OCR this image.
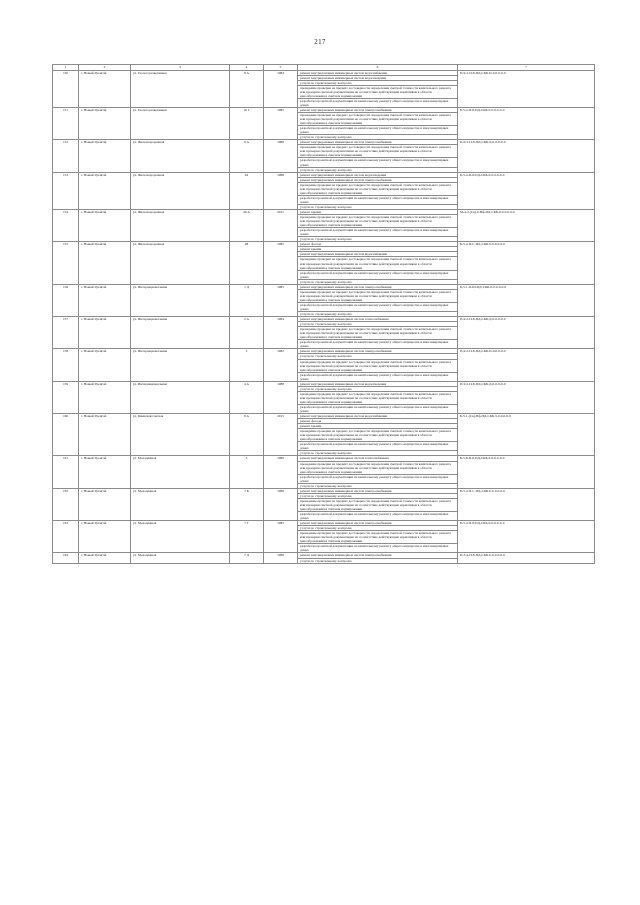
217
1	2	3	4	5	6	7
150	г. Новый Уренгой	ул. Геологоразведчиков	8 А	1984	ремонт внутридомовых инженерных систем водоснабжения	П-9-2-П-8-ПД-СКБ-П-0-0-0-0-0
					ремонт внутридомовых инженерных систем водоотведения	
					услуги по строительному контролю	
					проведение проверки на предмет достоверности определения сметной стоимости капитального ремонта или проверки сметной документации на соответствие действующим нормативам в области ценообразования в сметном нормировании	
					разработка проектной документации на капитальному ремонту общего имущества в многоквартирных домах	
151	г. Новый Уренгой	ул. Геологоразведчиков	16 Г	1985	ремонт внутридомовых инженерных систем электроснабжения	Б-5-4-П-8-ПД-СКБ-0-0-0-0-0-0
					проведение проверки на предмет достоверности определения сметной стоимости капитального ремонта или проверки сметной документации на соответствие действующим нормативам в области ценообразования в сметном нормировании	
					разработка проектной документации на капитальному ремонту общего имущества в многоквартирных домах	
					услуги по строительному контролю	
152	г. Новый Уренгой	ул. Железнодорожная	6 А	1986	ремонт внутридомовых инженерных систем электроснабжения	П-9-5-П-8-ПД-СКБ-Д-0-0-0-0-0
					проведение проверки на предмет достоверности определения сметной стоимости капитального ремонта или проверки сметной документации на соответствие действующим нормативам в области ценообразования в сметном нормировании	
					разработка проектной документации на капитальному ремонту общего имущества в многоквартирных домах	
					услуги по строительному контролю	
153	г. Новый Уренгой	ул. Железнодорожная	44	1988	ремонт внутридомовых инженерных систем водоотведения	Б-5-4-П-8-ПД-СКБ-0-0-0-0-0-0
					ремонт внутридомовых инженерных систем электроснабжения	
					проведение проверки на предмет достоверности определения сметной стоимости капитального ремонта или проверки сметной документации на соответствие действующим нормативам в области ценообразования в сметном нормировании	
					разработка проектной документации на капитальному ремонту общего имущества в многоквартирных домах	
					услуги по строительному контролю	
154	г. Новый Уренгой	ул. Железнодорожная	46 А	2011	ремонт крыши	М-4-2-(Св)-0-Вф-ПД-СКБ-0-0-0-0-0-0
					проведение проверки на предмет достоверности определения сметной стоимости капитального ремонта или проверки сметной документации на соответствие действующим нормативам в области ценообразования в сметном нормировании	
					разработка проектной документации на капитальному ремонту общего имущества в многоквартирных домах	
					услуги по строительному контролю	
155	г. Новый Уренгой	ул. Железнодорожная	48	1985	ремонт фасада	Б-5-4-П-С-ПД-СКБ-0-0-0-0-0-0
					ремонт крыши	
					ремонт внутридомовых инженерных систем водоснабжения	
					проведение проверки на предмет достоверности определения сметной стоимости капитального ремонта или проверки сметной документации на соответствие действующим нормативам в области ценообразования в сметном нормировании	
					разработка проектной документации на капитальному ремонту общего имущества в многоквартирных домах	
					услуги по строительному контролю	
156	г. Новый Уренгой	ул. Интернациональная	1 Д	1985	ремонт внутридомовых инженерных систем электроснабжения	Б-5-1-П-Ш-ПД-СКБ-0-0-0-0-0-0
					проведение проверки на предмет достоверности определения сметной стоимости капитального ремонта или проверки сметной документации на соответствие действующим нормативам в области ценообразования в сметном нормировании	
					разработка проектной документации на капитальному ремонту общего имущества в многоквартирных домах	
					услуги по строительному контролю	
157	г. Новый Уренгой	ул. Интернациональная	2 А	1984	ремонт внутридомовых инженерных систем теплоснабжения	П-9-2-П-8-ПД-СКБ-Д-0-0-0-0-0
					услуги по строительному контролю	
					проведение проверки на предмет достоверности определения сметной стоимости капитального ремонта или проверки сметной документации на соответствие действующим нормативам в области ценообразования в сметном нормировании	
					разработка проектной документации на капитальному ремонту общего имущества в многоквартирных домах	
158	г. Новый Уренгой	ул. Интернациональная	3	1982	ремонт внутридомовых инженерных систем электроснабжения	П-9-2-П-8-ПД-СКБ-П-0-0-0-0-0
					услуги по строительному контролю	
					проведение проверки на предмет достоверности определения сметной стоимости капитального ремонта или проверки сметной документации на соответствие действующим нормативам в области ценообразования в сметном нормировании	
					разработка проектной документации на капитальному ремонту общего имущества в многоквартирных домах	
159	г. Новый Уренгой	ул. Интернациональная	4 А	1988	ремонт внутридомовых инженерных систем водоотведения	П-9-2-П-8-ПД-СКБ-Д-0-0-0-0-0
					услуги по строительному контролю	
					проведение проверки на предмет достоверности определения сметной стоимости капитального ремонта или проверки сметной документации на соответствие действующим нормативам в области ценообразования в сметном нормировании	
					разработка проектной документации на капитальному ремонту общего имущества в многоквартирных домах	
160	г. Новый Уренгой	ул. Киевская/совская	8 А	2015	ремонт внутридомовых инженерных систем водоснабжения	Б-5-1-(Св)-Вф-ПД-СКБ-3-0-0-0-0-0
					ремонт фасада	
					ремонт крыши	
					проведение проверки на предмет достоверности определения сметной стоимости капитального ремонта или проверки сметной документации на соответствие действующим нормативам в области ценообразования в сметном нормировании	
					разработка проектной документации на капитальному ремонту общего имущества в многоквартирных домах	
					услуги по строительному контролю	
161	г. Новый Уренгой	ул. Молодёжная	3	1986	ремонт внутридомовых инженерных систем теплоснабжения	Б-5-8-П-8-ПД-СКБ-0-0-0-0-0-0
					проведение проверки на предмет достоверности определения сметной стоимости капитального ремонта или проверки сметной документации на соответствие действующим нормативам в области ценообразования в сметном нормировании	
					разработка проектной документации на капитальному ремонту общего имущества в многоквартирных домах	
					услуги по строительному контролю	
162	г. Новый Уренгой	ул. Молодёжная	7 Б	1986	ремонт внутридомовых инженерных систем электроснабжения	Б-5-4-П-С-ПД-СКБ-0-0-0-0-0-0
					услуги по строительному контролю	
					проведение проверки на предмет достоверности определения сметной стоимости капитального ремонта или проверки сметной документации на соответствие действующим нормативам в области ценообразования в сметном нормировании	
					разработка проектной документации на капитальному ремонту общего имущества в многоквартирных домах	
163	г. Новый Уренгой	ул. Молодёжная	7 Г	1985	ремонт внутридомовых инженерных систем электроснабжения	Б-5-4-П-8-ПД-СКБ-0-0-0-0-0-0
					услуги по строительному контролю	
					проведение проверки на предмет достоверности определения сметной стоимости капитального ремонта или проверки сметной документации на соответствие действующим нормативам в области ценообразования в сметном нормировании	
					разработка проектной документации на капитальному ремонту общего имущества в многоквартирных домах	
164	г. Новый Уренгой	ул. Молодёжная	7 Д	1986	ремонт внутридомовых инженерных систем электроснабжения	П-5-4-П-8-ПД-СКБ-0-0-0-0-0-0
					услуги по строительному контролю	
